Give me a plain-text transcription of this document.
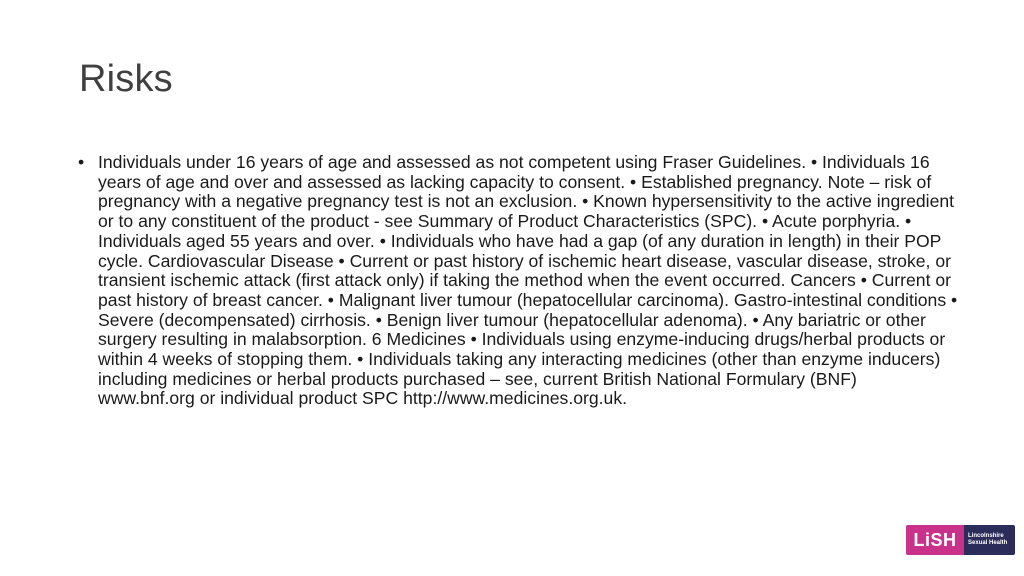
Risks
• Individuals under 16 years of age and assessed as not competent using Fraser Guidelines. • Individuals 16 years of age and over and assessed as lacking capacity to consent. • Established pregnancy. Note – risk of pregnancy with a negative pregnancy test is not an exclusion. • Known hypersensitivity to the active ingredient or to any constituent of the product - see Summary of Product Characteristics (SPC). • Acute porphyria. • Individuals aged 55 years and over. • Individuals who have had a gap (of any duration in length) in their POP cycle. Cardiovascular Disease • Current or past history of ischemic heart disease, vascular disease, stroke, or transient ischemic attack (first attack only) if taking the method when the event occurred. Cancers • Current or past history of breast cancer. • Malignant liver tumour (hepatocellular carcinoma). Gastro-intestinal conditions • Severe (decompensated) cirrhosis. • Benign liver tumour (hepatocellular adenoma). • Any bariatric or other surgery resulting in malabsorption. 6 Medicines • Individuals using enzyme-inducing drugs/herbal products or within 4 weeks of stopping them. • Individuals taking any interacting medicines (other than enzyme inducers) including medicines or herbal products purchased – see, current British National Formulary (BNF) www.bnf.org or individual product SPC http://www.medicines.org.uk.
LiSH	Lincolnshire
Sexual Health
